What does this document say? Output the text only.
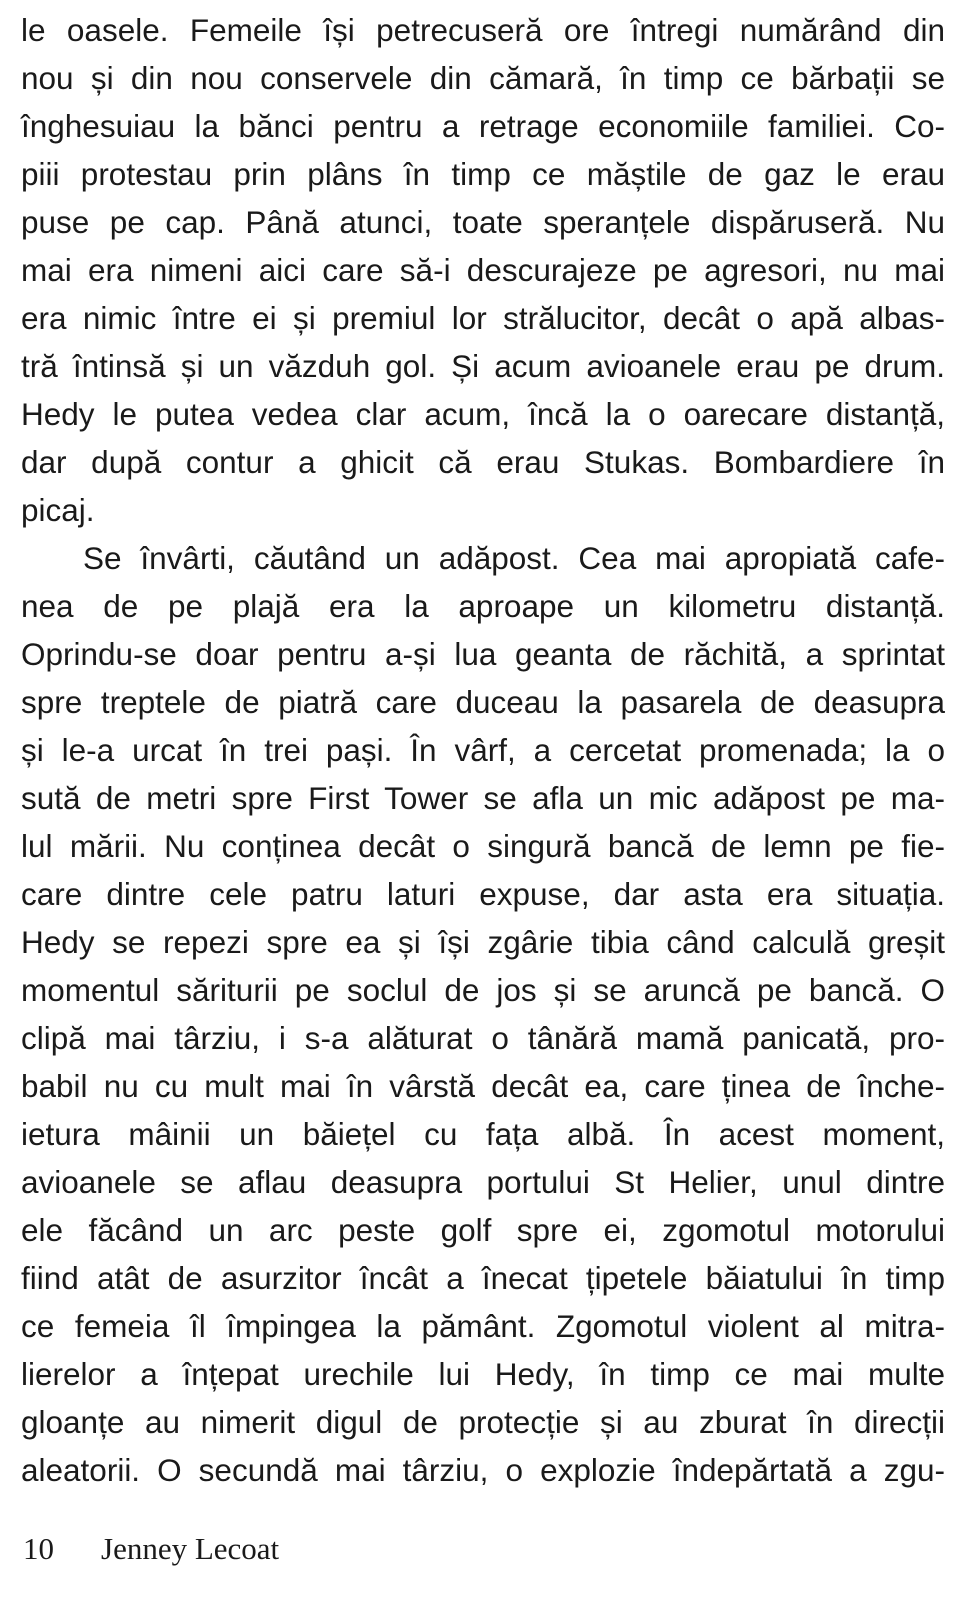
le oasele. Femeile își petrecuseră ore întregi numărând din
nou și din nou conservele din cămară, în timp ce bărbații se
înghesuiau la bănci pentru a retrage economiile familiei. Co-
piii protestau prin plâns în timp ce măștile de gaz le erau
puse pe cap. Până atunci, toate speranțele dispăruseră. Nu
mai era nimeni aici care să-i descurajeze pe agresori, nu mai
era nimic între ei și premiul lor strălucitor, decât o apă albas-
tră întinsă și un văzduh gol. Și acum avioanele erau pe drum.
Hedy le putea vedea clar acum, încă la o oarecare distanță,
dar după contur a ghicit că erau Stukas. Bombardiere în
picaj.
Se învârti, căutând un adăpost. Cea mai apropiată cafe-
nea de pe plajă era la aproape un kilometru distanță.
Oprindu-se doar pentru a-și lua geanta de răchită, a sprintat
spre treptele de piatră care duceau la pasarela de deasupra
și le-a urcat în trei pași. În vârf, a cercetat promenada; la o
sută de metri spre First Tower se afla un mic adăpost pe ma-
lul mării. Nu conținea decât o singură bancă de lemn pe fie-
care dintre cele patru laturi expuse, dar asta era situația.
Hedy se repezi spre ea și își zgârie tibia când calculă greșit
momentul săriturii pe soclul de jos și se aruncă pe bancă. O
clipă mai târziu, i s-a alăturat o tânără mamă panicată, pro-
babil nu cu mult mai în vârstă decât ea, care ținea de înche-
ietura mâinii un băiețel cu fața albă. În acest moment,
avioanele se aflau deasupra portului St Helier, unul dintre
ele făcând un arc peste golf spre ei, zgomotul motorului
fiind atât de asurzitor încât a înecat țipetele băiatului în timp
ce femeia îl împingea la pământ. Zgomotul violent al mitra-
lierelor a înțepat urechile lui Hedy, în timp ce mai multe
gloanțe au nimerit digul de protecție și au zburat în direcții
aleatorii. O secundă mai târziu, o explozie îndepărtată a zgu-
10 Jenney Lecoat
